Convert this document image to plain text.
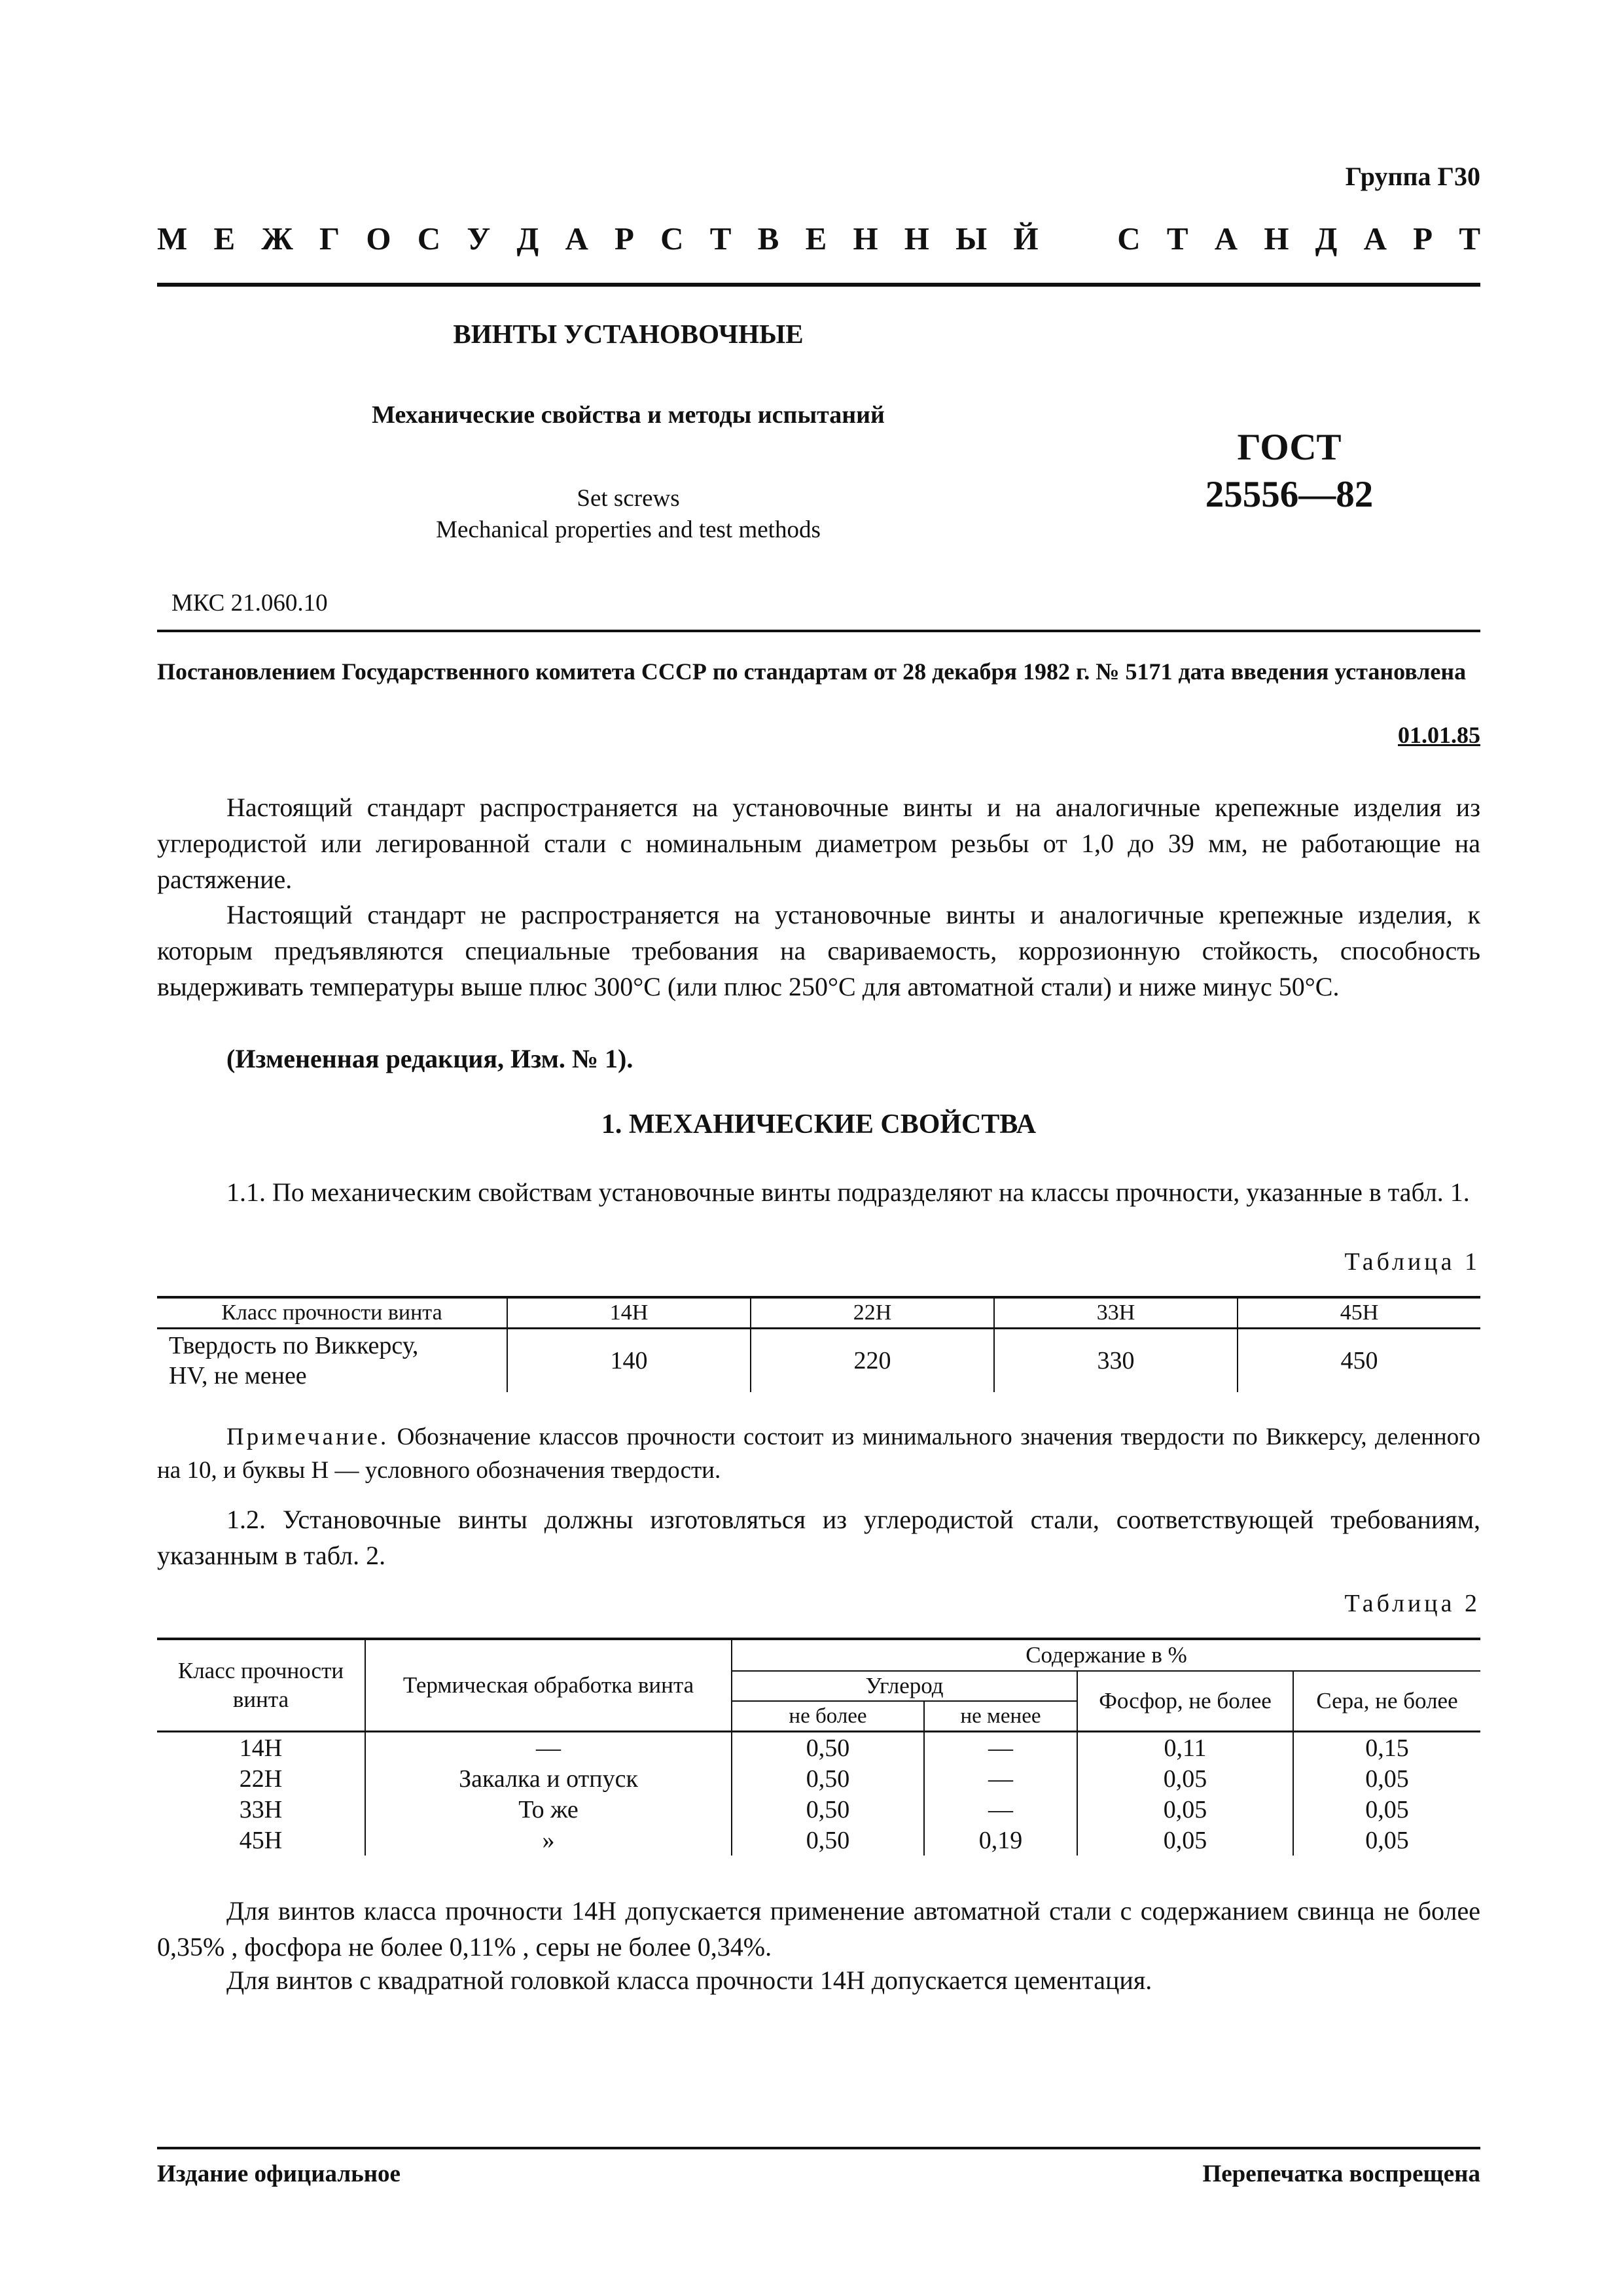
Группа Г30
М Е Ж Г О С У Д А Р С Т В Е Н Н Ы Й   С Т А Н Д А Р Т
ВИНТЫ УСТАНОВОЧНЫЕ
Механические свойства и методы испытаний
Set screws
Mechanical properties and test methods
ГОСТ
25556—82
МКС 21.060.10
Постановлением Государственного комитета СССР по стандартам от 28 декабря 1982 г. № 5171 дата введения установлена
01.01.85
Настоящий стандарт распространяется на установочные винты и на аналогичные крепежные изделия из углеродистой или легированной стали с номинальным диаметром резьбы от 1,0 до 39 мм, не работающие на растяжение.
Настоящий стандарт не распространяется на установочные винты и аналогичные крепежные изделия, к которым предъявляются специальные требования на свариваемость, коррозионную стойкость, способность выдерживать температуры выше плюс 300°С (или плюс 250°С для автоматной стали) и ниже минус 50°С.
(Измененная редакция, Изм. № 1).
1. МЕХАНИЧЕСКИЕ СВОЙСТВА
1.1. По механическим свойствам установочные винты подразделяют на классы прочности, указанные в табл. 1.
Таблица 1
Класс прочности винта	14Н	22Н	33Н	45Н

Твердость по Виккерсу,
HV, не менее	140	220	330	450
Примечание. Обозначение классов прочности состоит из минимального значения твердости по Виккерсу, деленного на 10, и буквы Н — условного обозначения твердости.
1.2. Установочные винты должны изготовляться из углеродистой стали, соответствующей требованиям, указанным в табл. 2.
Таблица 2
Класс прочности
винта	Термическая обработка винта	Содержание в %			
		Углерод		Фосфор, не более	Сера, не более
		не более	не менее		
14Н	—	0,50	—	0,11	0,15
22Н	Закалка и отпуск	0,50	—	0,05	0,05
33Н	То же	0,50	—	0,05	0,05
45Н	»	0,50	0,19	0,05	0,05
Для винтов класса прочности 14Н допускается применение автоматной стали с содержанием свинца не более 0,35% , фосфора не более 0,11% , серы не более 0,34%.
Для винтов с квадратной головкой класса прочности 14Н допускается цементация.
Издание официальное	Перепечатка воспрещена
